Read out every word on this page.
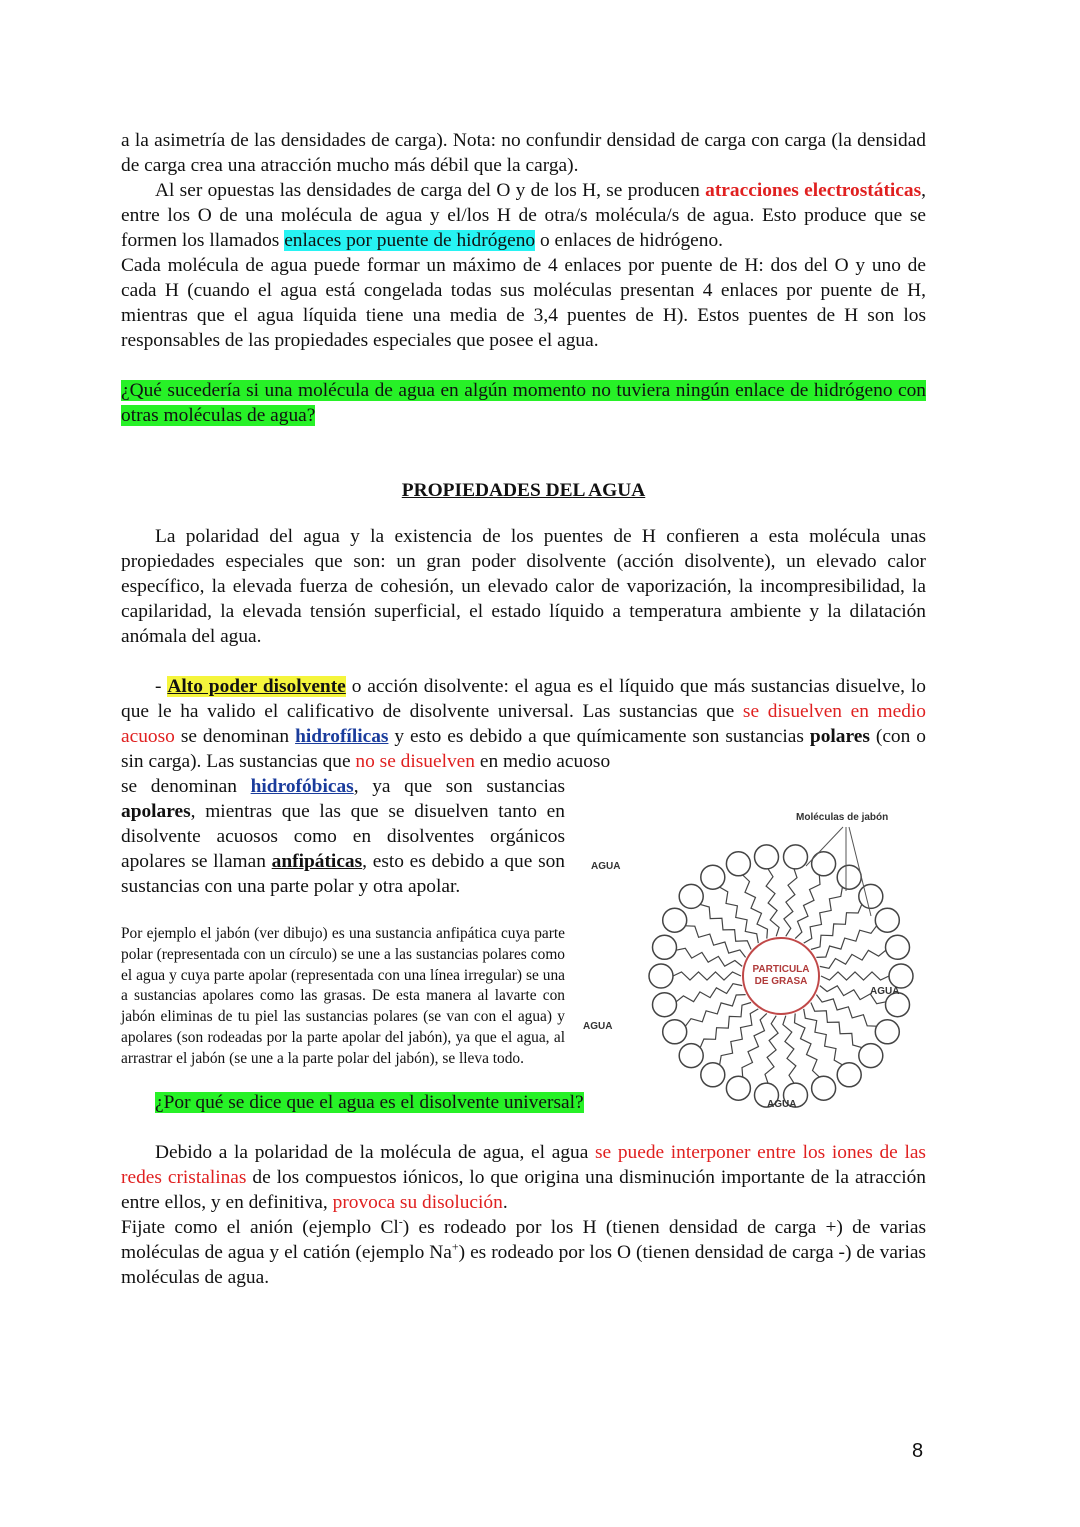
a la asimetría de las densidades de carga). Nota: no confundir densidad de carga con carga (la densidad de carga crea una atracción mucho más débil que la carga).

Al ser opuestas las densidades de carga del O y de los H, se producen atracciones electrostáticas, entre los O de una molécula de agua y el/los H de otra/s molécula/s de agua. Esto produce que se formen los llamados enlaces por puente de hidrógeno o enlaces de hidrógeno.

Cada molécula de agua puede formar un máximo de 4 enlaces por puente de H: dos del O y uno de cada H (cuando el agua está congelada todas sus moléculas presentan 4 enlaces por puente de H, mientras que el agua líquida tiene una media de 3,4 puentes de H). Estos puentes de H son los responsables de las propiedades especiales que posee el agua.

¿Qué sucedería si una molécula de agua en algún momento no tuviera ningún enlace de hidrógeno con otras moléculas de agua?

PROPIEDADES DEL AGUA

La polaridad del agua y la existencia de los puentes de H confieren a esta molécula unas propiedades especiales que son: un gran poder disolvente (acción disolvente), un elevado calor específico, la elevada fuerza de cohesión, un elevado calor de vaporización, la incompresibilidad, la capilaridad, la elevada tensión superficial, el estado líquido a temperatura ambiente y la dilatación anómala del agua.

- Alto poder disolvente o acción disolvente: el agua es el líquido que más sustancias disuelve, lo que le ha valido el calificativo de disolvente universal. Las sustancias que se disuelven en medio acuoso se denominan hidrofílicas y esto es debido a que químicamente son sustancias polares (con o sin carga). Las sustancias que no se disuelven en medio acuoso

se denominan hidrofóbicas, ya que son sustancias apolares, mientras que las que se disuelven tanto en disolvente acuosos como en disolventes orgánicos apolares se llaman anfipáticas, esto es debido a que son sustancias con una parte polar y otra apolar.

Por ejemplo el jabón (ver dibujo) es una sustancia anfipática cuya parte polar (representada con un círculo) se une a las sustancias polares como el agua y cuya parte apolar (representada con una línea irregular) se una a sustancias apolares como las grasas. De esta manera al lavarte con jabón eliminas de tu piel las sustancias polares (se van con el agua) y apolares (son rodeadas por la parte apolar del jabón), ya que el agua, al arrastrar el jabón (se une a la parte polar del jabón), se lleva todo.

¿Por qué se dice que el agua es el disolvente universal?

Debido a la polaridad de la molécula de agua, el agua se puede interponer entre los iones de las redes cristalinas de los compuestos iónicos, lo que origina una disminución importante de la atracción entre ellos, y en definitiva, provoca su disolución.

Fijate como el anión (ejemplo Cl-) es rodeado por los H (tienen densidad de carga +) de varias moléculas de agua y el catión (ejemplo Na+) es rodeado por los O (tienen densidad de carga -) de varias moléculas de agua.

PARTICULA
DE GRASA
Moléculas de jabón
AGUA
AGUA
AGUA
AGUA
8
